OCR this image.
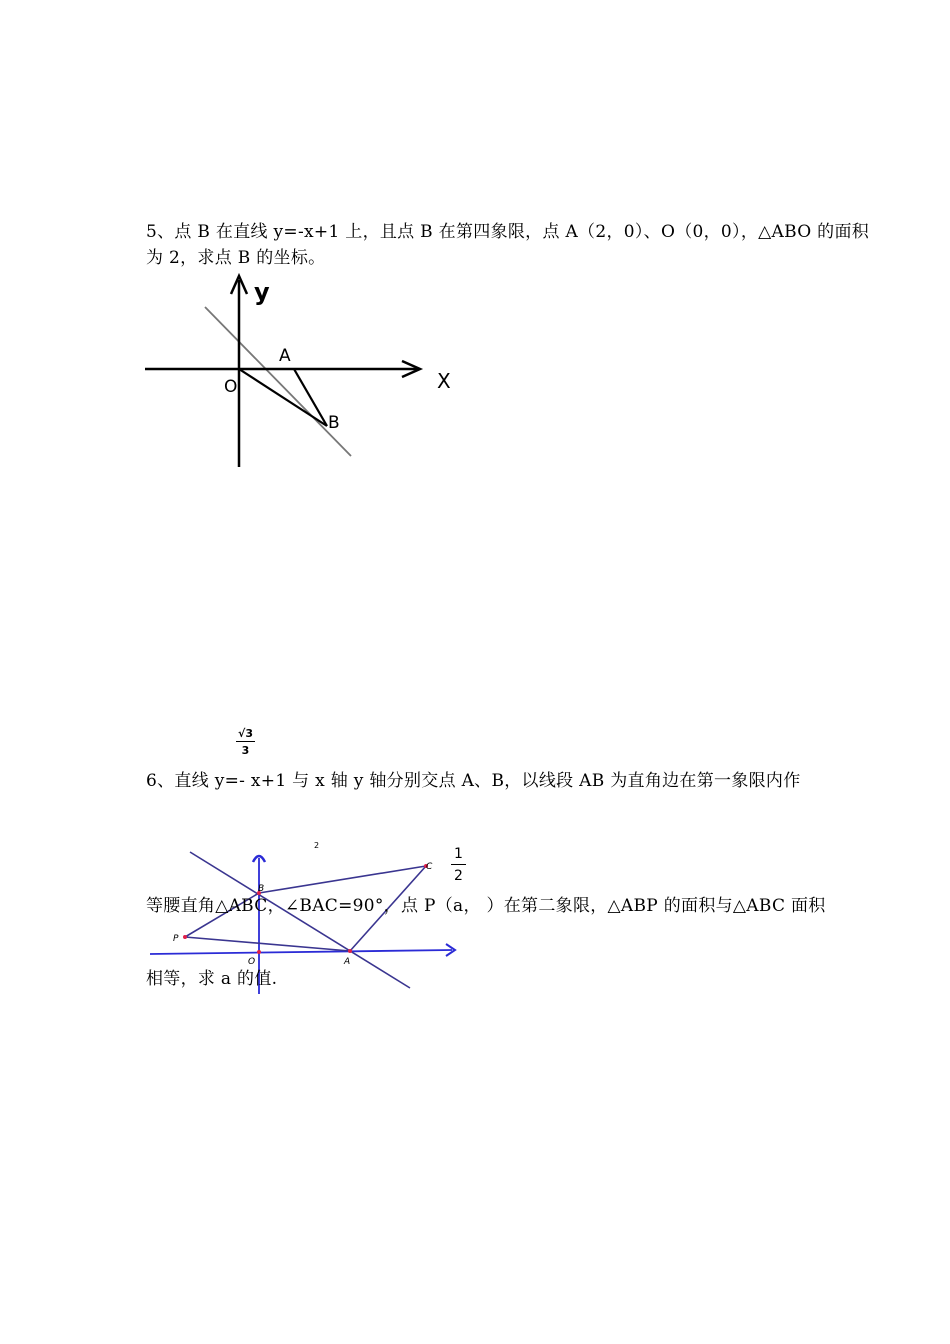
5、点 B 在直线 y=-x+1 上，且点 B 在第四象限，点 A（2，0）、O（0，0），△ABO 的面积
为 2，求点 B 的坐标。
y
X
O
A
B
$\frac{√3}{3}$
6、直线 y=- x+1 与 x 轴 y 轴分别交点 A、B，以线段 AB 为直角边在第一象限内作
B
C
P
O	A
2
$\frac{1}{2}$
等腰直角△ABC，∠BAC=90°，点 P（a， ）在第二象限，△ABP 的面积与△ABC 面积
相等，求 a 的值.
